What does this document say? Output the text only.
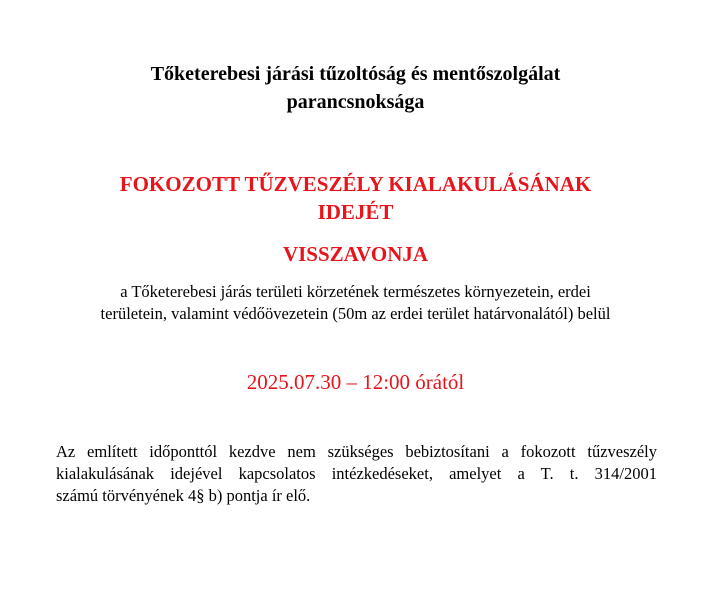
Tőketerebesi járási tűzoltóság és mentőszolgálat
parancsnoksága
FOKOZOTT TŰZVESZÉLY KIALAKULÁSÁNAK
IDEJÉT
VISSZAVONJA
a Tőketerebesi járás területi körzetének természetes környezetein, erdei
területein, valamint védőövezetein (50m az erdei terület határvonalától) belül
2025.07.30 – 12:00 órától
Az említett időponttól kezdve nem szükséges bebiztosítani a fokozott tűzveszély
kialakulásának idejével kapcsolatos intézkedéseket, amelyet a T. t. 314/2001
számú törvényének 4§ b) pontja ír elő.
